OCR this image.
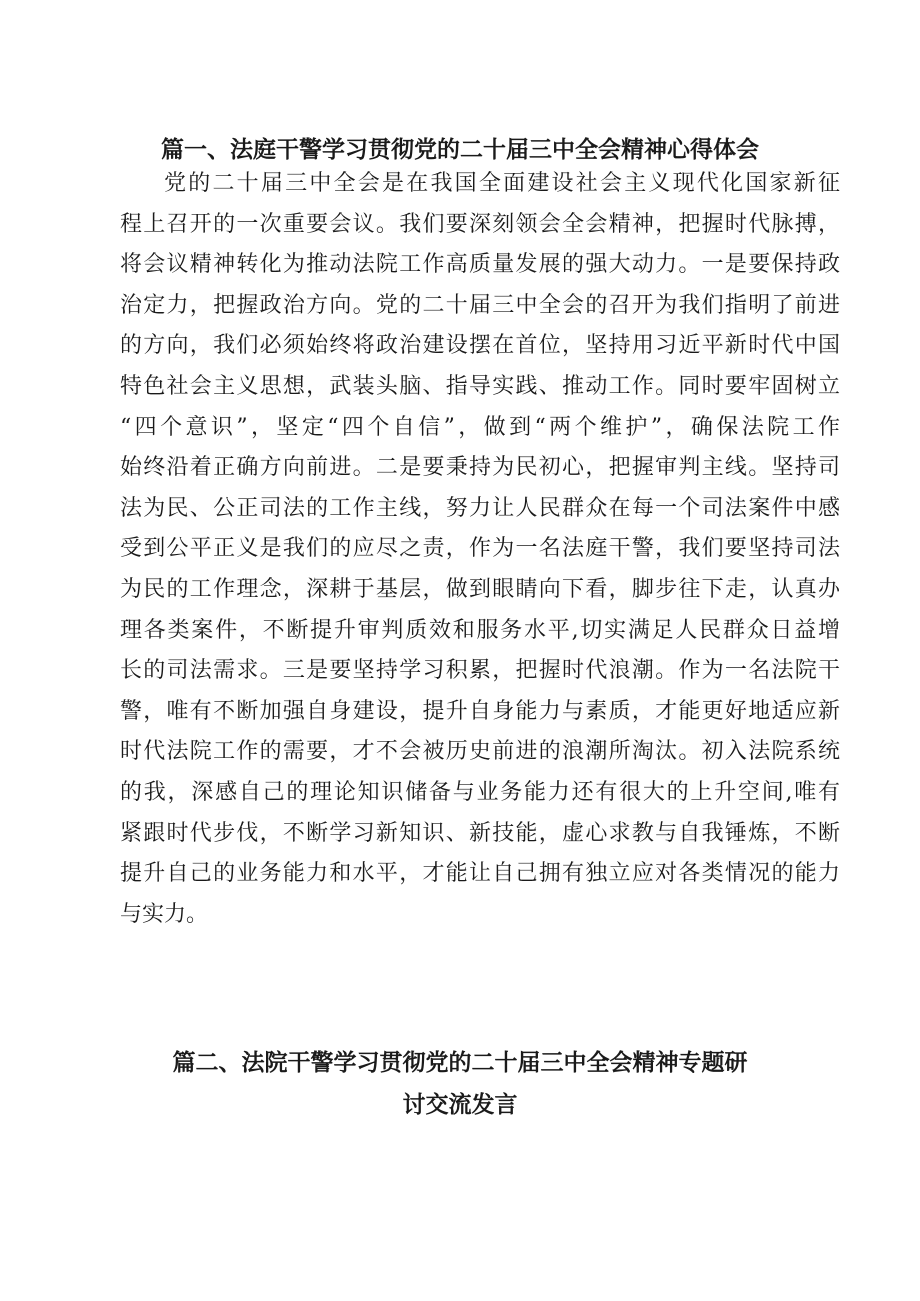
篇一、法庭干警学习贯彻党的二十届三中全会精神心得体会
党的二十届三中全会是在我国全面建设社会主义现代化国家新征
程上召开的一次重要会议。我们要深刻领会全会精神，把握时代脉搏，
将会议精神转化为推动法院工作高质量发展的强大动力。一是要保持政
治定力，把握政治方向。党的二十届三中全会的召开为我们指明了前进
的方向，我们必须始终将政治建设摆在首位，坚持用习近平新时代中国
特色社会主义思想，武装头脑、指导实践、推动工作。同时要牢固树立
“四个意识”，坚定“四个自信”，做到“两个维护”，确保法院工作
始终沿着正确方向前进。二是要秉持为民初心，把握审判主线。坚持司
法为民、公正司法的工作主线，努力让人民群众在每一个司法案件中感
受到公平正义是我们的应尽之责，作为一名法庭干警，我们要坚持司法
为民的工作理念，深耕于基层，做到眼睛向下看，脚步往下走，认真办
理各类案件，不断提升审判质效和服务水平,切实满足人民群众日益增
长的司法需求。三是要坚持学习积累，把握时代浪潮。作为一名法院干
警，唯有不断加强自身建设，提升自身能力与素质，才能更好地适应新
时代法院工作的需要，才不会被历史前进的浪潮所淘汰。初入法院系统
的我，深感自己的理论知识储备与业务能力还有很大的上升空间,唯有
紧跟时代步伐，不断学习新知识、新技能，虚心求教与自我锤炼，不断
提升自己的业务能力和水平，才能让自己拥有独立应对各类情况的能力
与实力。
篇二、法院干警学习贯彻党的二十届三中全会精神专题研
讨交流发言
